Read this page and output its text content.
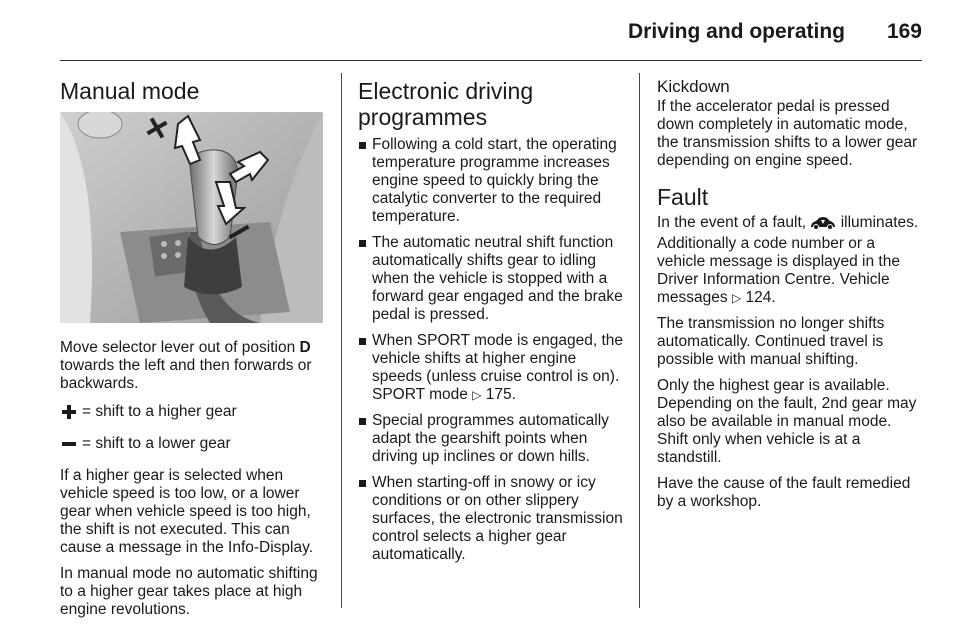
Driving and operating	169
Manual mode

Move selector lever out of position D towards the left and then forwards or backwards.

= shift to a higher gear
= shift to a lower gear

If a higher gear is selected when vehicle speed is too low, or a lower gear when vehicle speed is too high, the shift is not executed. This can cause a message in the Info-Display.

In manual mode no automatic shifting to a higher gear takes place at high engine revolutions.

Electronic driving programmes
Following a cold start, the operating temperature programme increases engine speed to quickly bring the catalytic converter to the required temperature.
The automatic neutral shift function automatically shifts gear to idling when the vehicle is stopped with a forward gear engaged and the brake pedal is pressed.
When SPORT mode is engaged, the vehicle shifts at higher engine speeds (unless cruise control is on). SPORT mode ▷ 175.
Special programmes automatically adapt the gearshift points when driving up inclines or down hills.
When starting-off in snowy or icy conditions or on other slippery surfaces, the electronic transmission control selects a higher gear automatically.
Kickdown

If the accelerator pedal is pressed down completely in automatic mode, the transmission shifts to a lower gear depending on engine speed.

Fault

In the event of a fault,  illuminates. Additionally a code number or a vehicle message is displayed in the Driver Information Centre. Vehicle messages ▷ 124.

The transmission no longer shifts automatically. Continued travel is possible with manual shifting.

Only the highest gear is available. Depending on the fault, 2nd gear may also be available in manual mode. Shift only when vehicle is at a standstill.

Have the cause of the fault remedied by a workshop.
